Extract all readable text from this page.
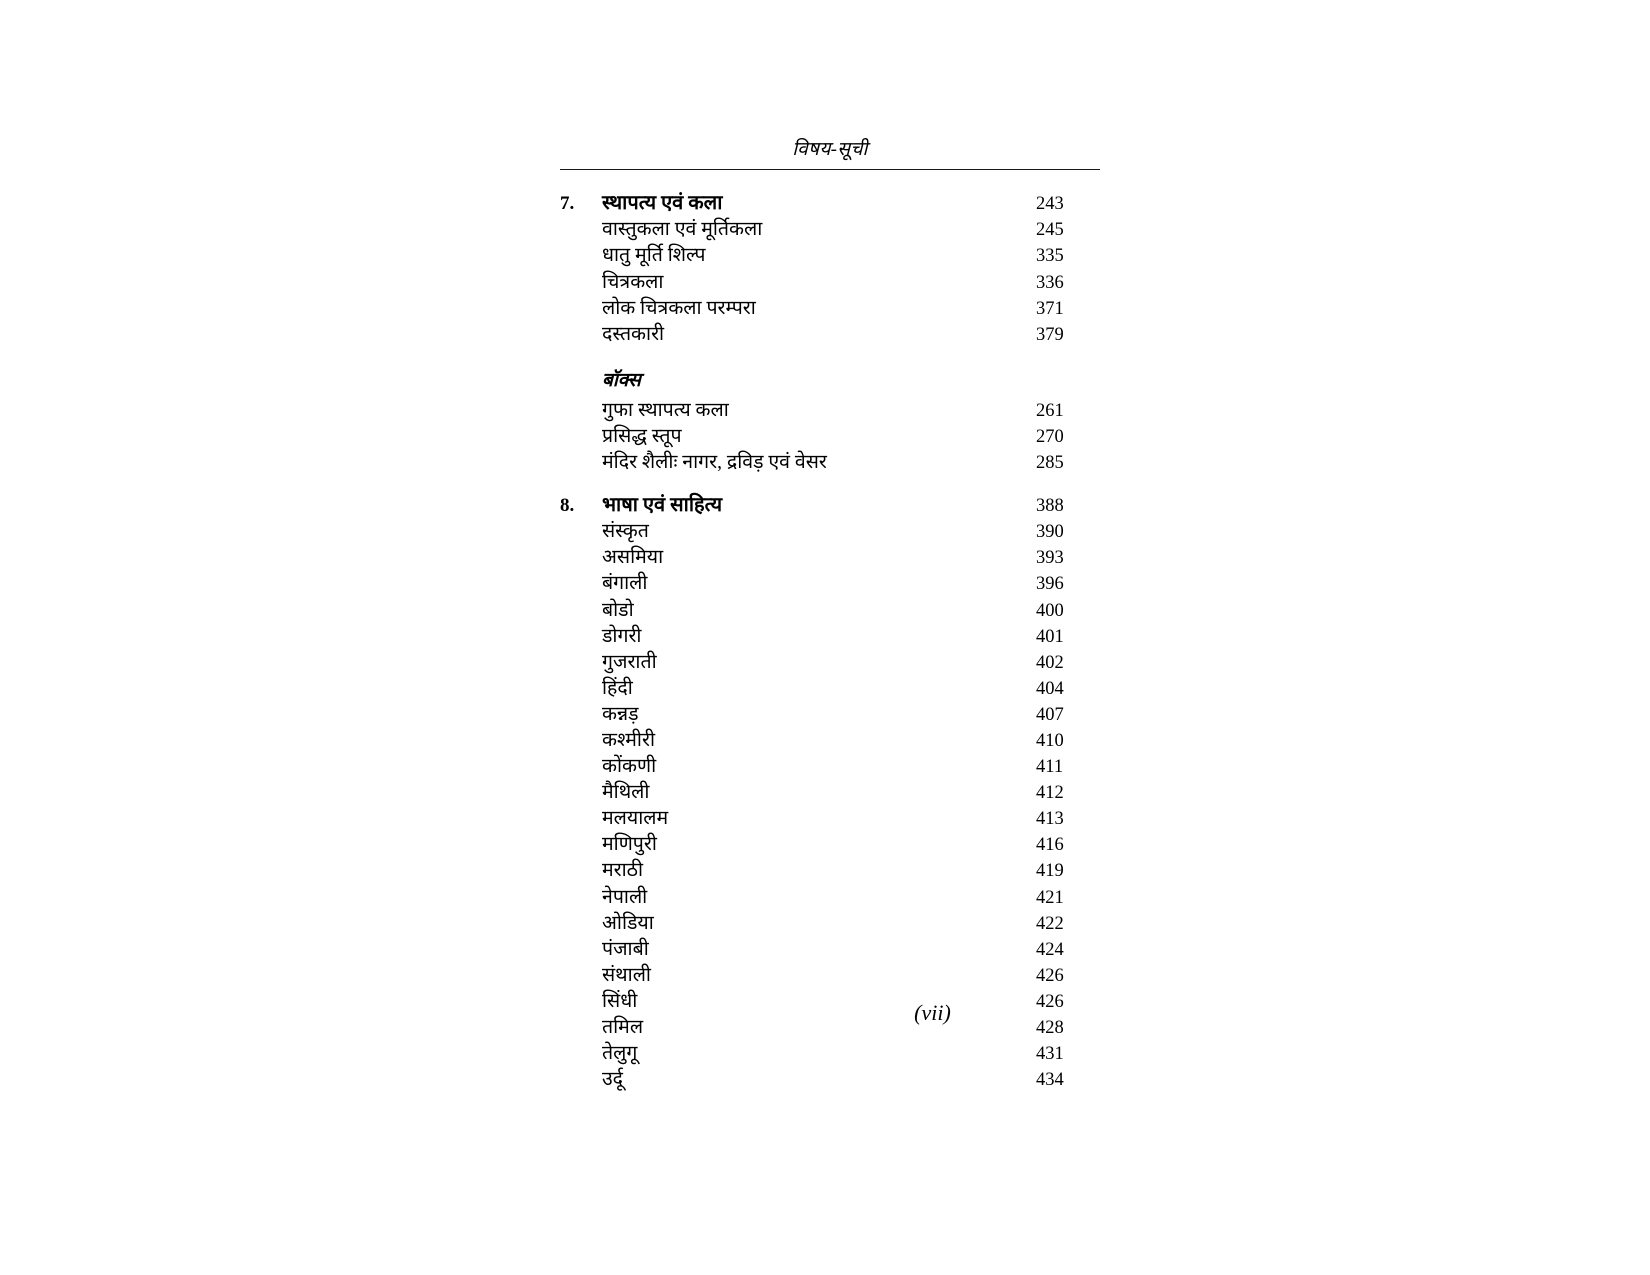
विषय-सूची
7.	स्थापत्य एवं कला	243
वास्तुकला एवं मूर्तिकला	245
धातु मूर्ति शिल्प	335
चित्रकला	336
लोक चित्रकला परम्परा	371
दस्तकारी	379
बॉक्स
गुफा स्थापत्य कला	261
प्रसिद्ध स्तूप	270
मंदिर शैलीः नागर, द्रविड़ एवं वेसर	285
8.	भाषा एवं साहित्य	388
संस्कृत	390
असमिया	393
बंगाली	396
बोडो	400
डोगरी	401
गुजराती	402
हिंदी	404
कन्नड़	407
कश्मीरी	410
कोंकणी	411
मैथिली	412
मलयालम	413
मणिपुरी	416
मराठी	419
नेपाली	421
ओडिया	422
पंजाबी	424
संथाली	426
सिंधी	426
तमिल	428
तेलुगू	431
उर्दू	434
(vii)
